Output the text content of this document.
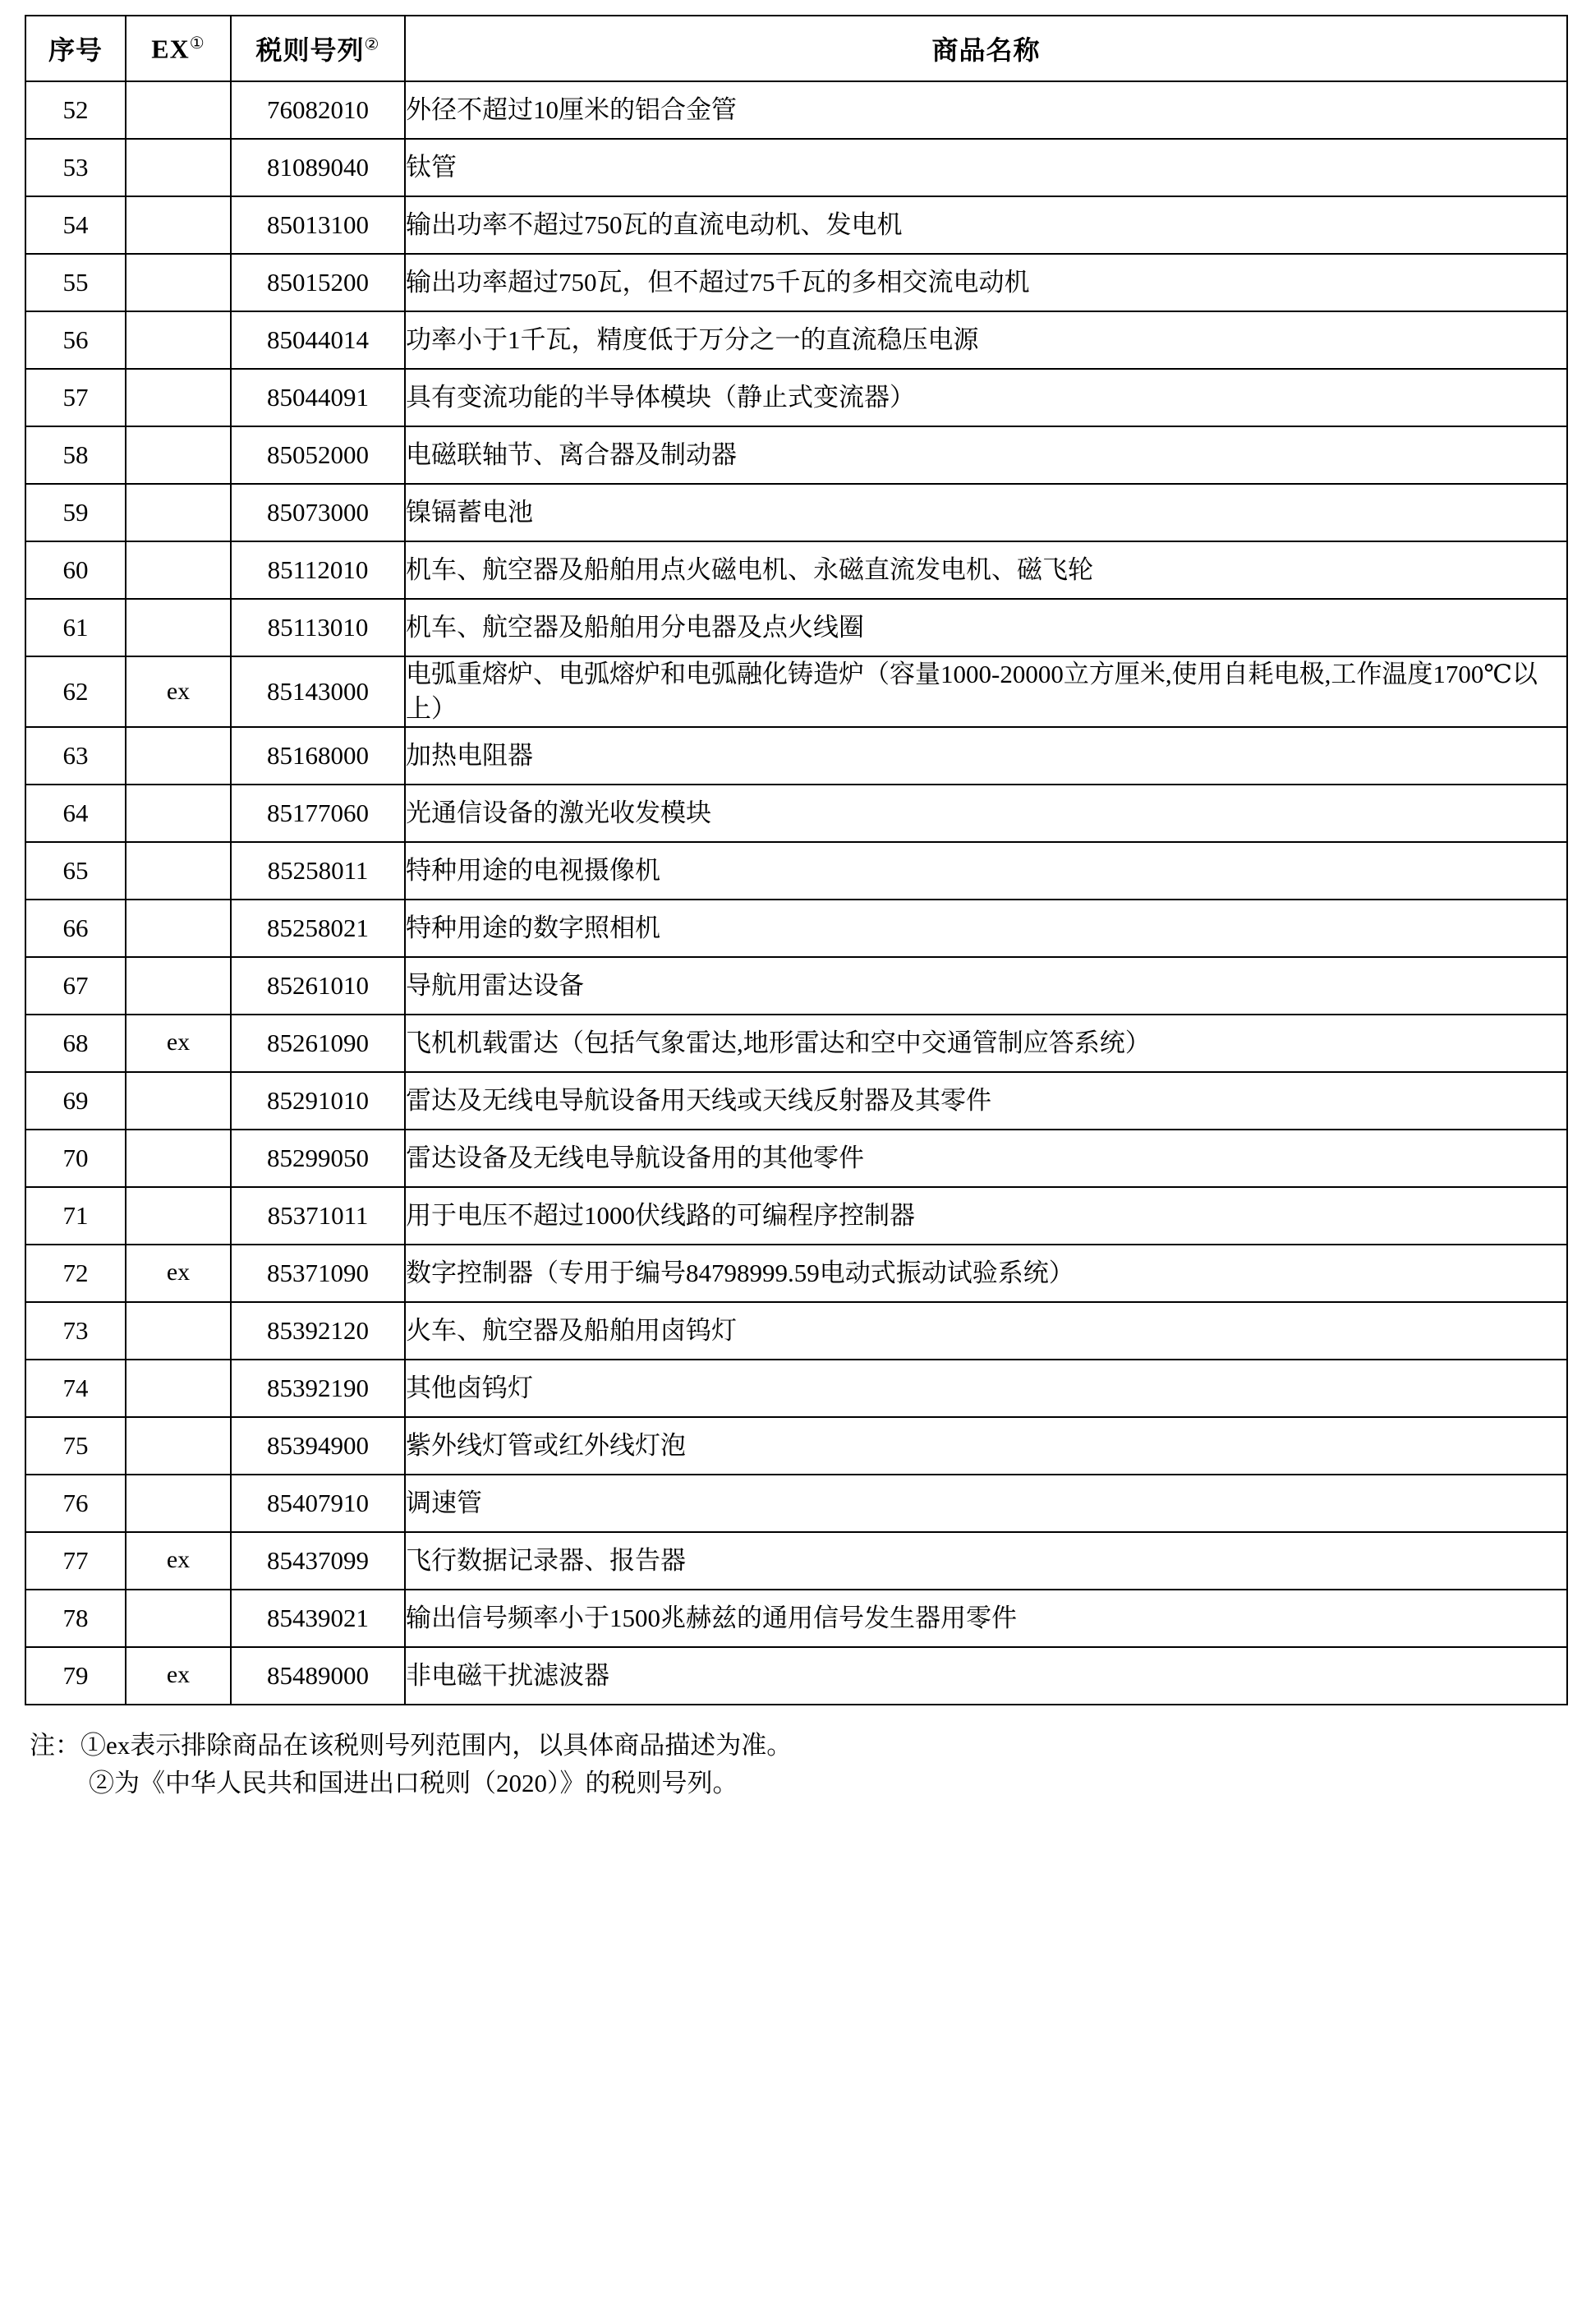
序号	EX①	税则号列②	商品名称
52		76082010	外径不超过10厘米的铝合金管
53		81089040	钛管
54		85013100	输出功率不超过750瓦的直流电动机、发电机
55		85015200	输出功率超过750瓦，但不超过75千瓦的多相交流电动机
56		85044014	功率小于1千瓦，精度低于万分之一的直流稳压电源
57		85044091	具有变流功能的半导体模块（静止式变流器）
58		85052000	电磁联轴节、离合器及制动器
59		85073000	镍镉蓄电池
60		85112010	机车、航空器及船舶用点火磁电机、永磁直流发电机、磁飞轮
61		85113010	机车、航空器及船舶用分电器及点火线圈
62	ex	85143000	电弧重熔炉、电弧熔炉和电弧融化铸造炉（容量1000-20000立方厘米,使用自耗电极,工作温度1700℃以上）
63		85168000	加热电阻器
64		85177060	光通信设备的激光收发模块
65		85258011	特种用途的电视摄像机
66		85258021	特种用途的数字照相机
67		85261010	导航用雷达设备
68	ex	85261090	飞机机载雷达（包括气象雷达,地形雷达和空中交通管制应答系统）
69		85291010	雷达及无线电导航设备用天线或天线反射器及其零件
70		85299050	雷达设备及无线电导航设备用的其他零件
71		85371011	用于电压不超过1000伏线路的可编程序控制器
72	ex	85371090	数字控制器（专用于编号84798999.59电动式振动试验系统）
73		85392120	火车、航空器及船舶用卤钨灯
74		85392190	其他卤钨灯
75		85394900	紫外线灯管或红外线灯泡
76		85407910	调速管
77	ex	85437099	飞行数据记录器、报告器
78		85439021	输出信号频率小于1500兆赫兹的通用信号发生器用零件
79	ex	85489000	非电磁干扰滤波器
注：①ex表示排除商品在该税则号列范围内，以具体商品描述为准。
②为《中华人民共和国进出口税则（2020）》的税则号列。
